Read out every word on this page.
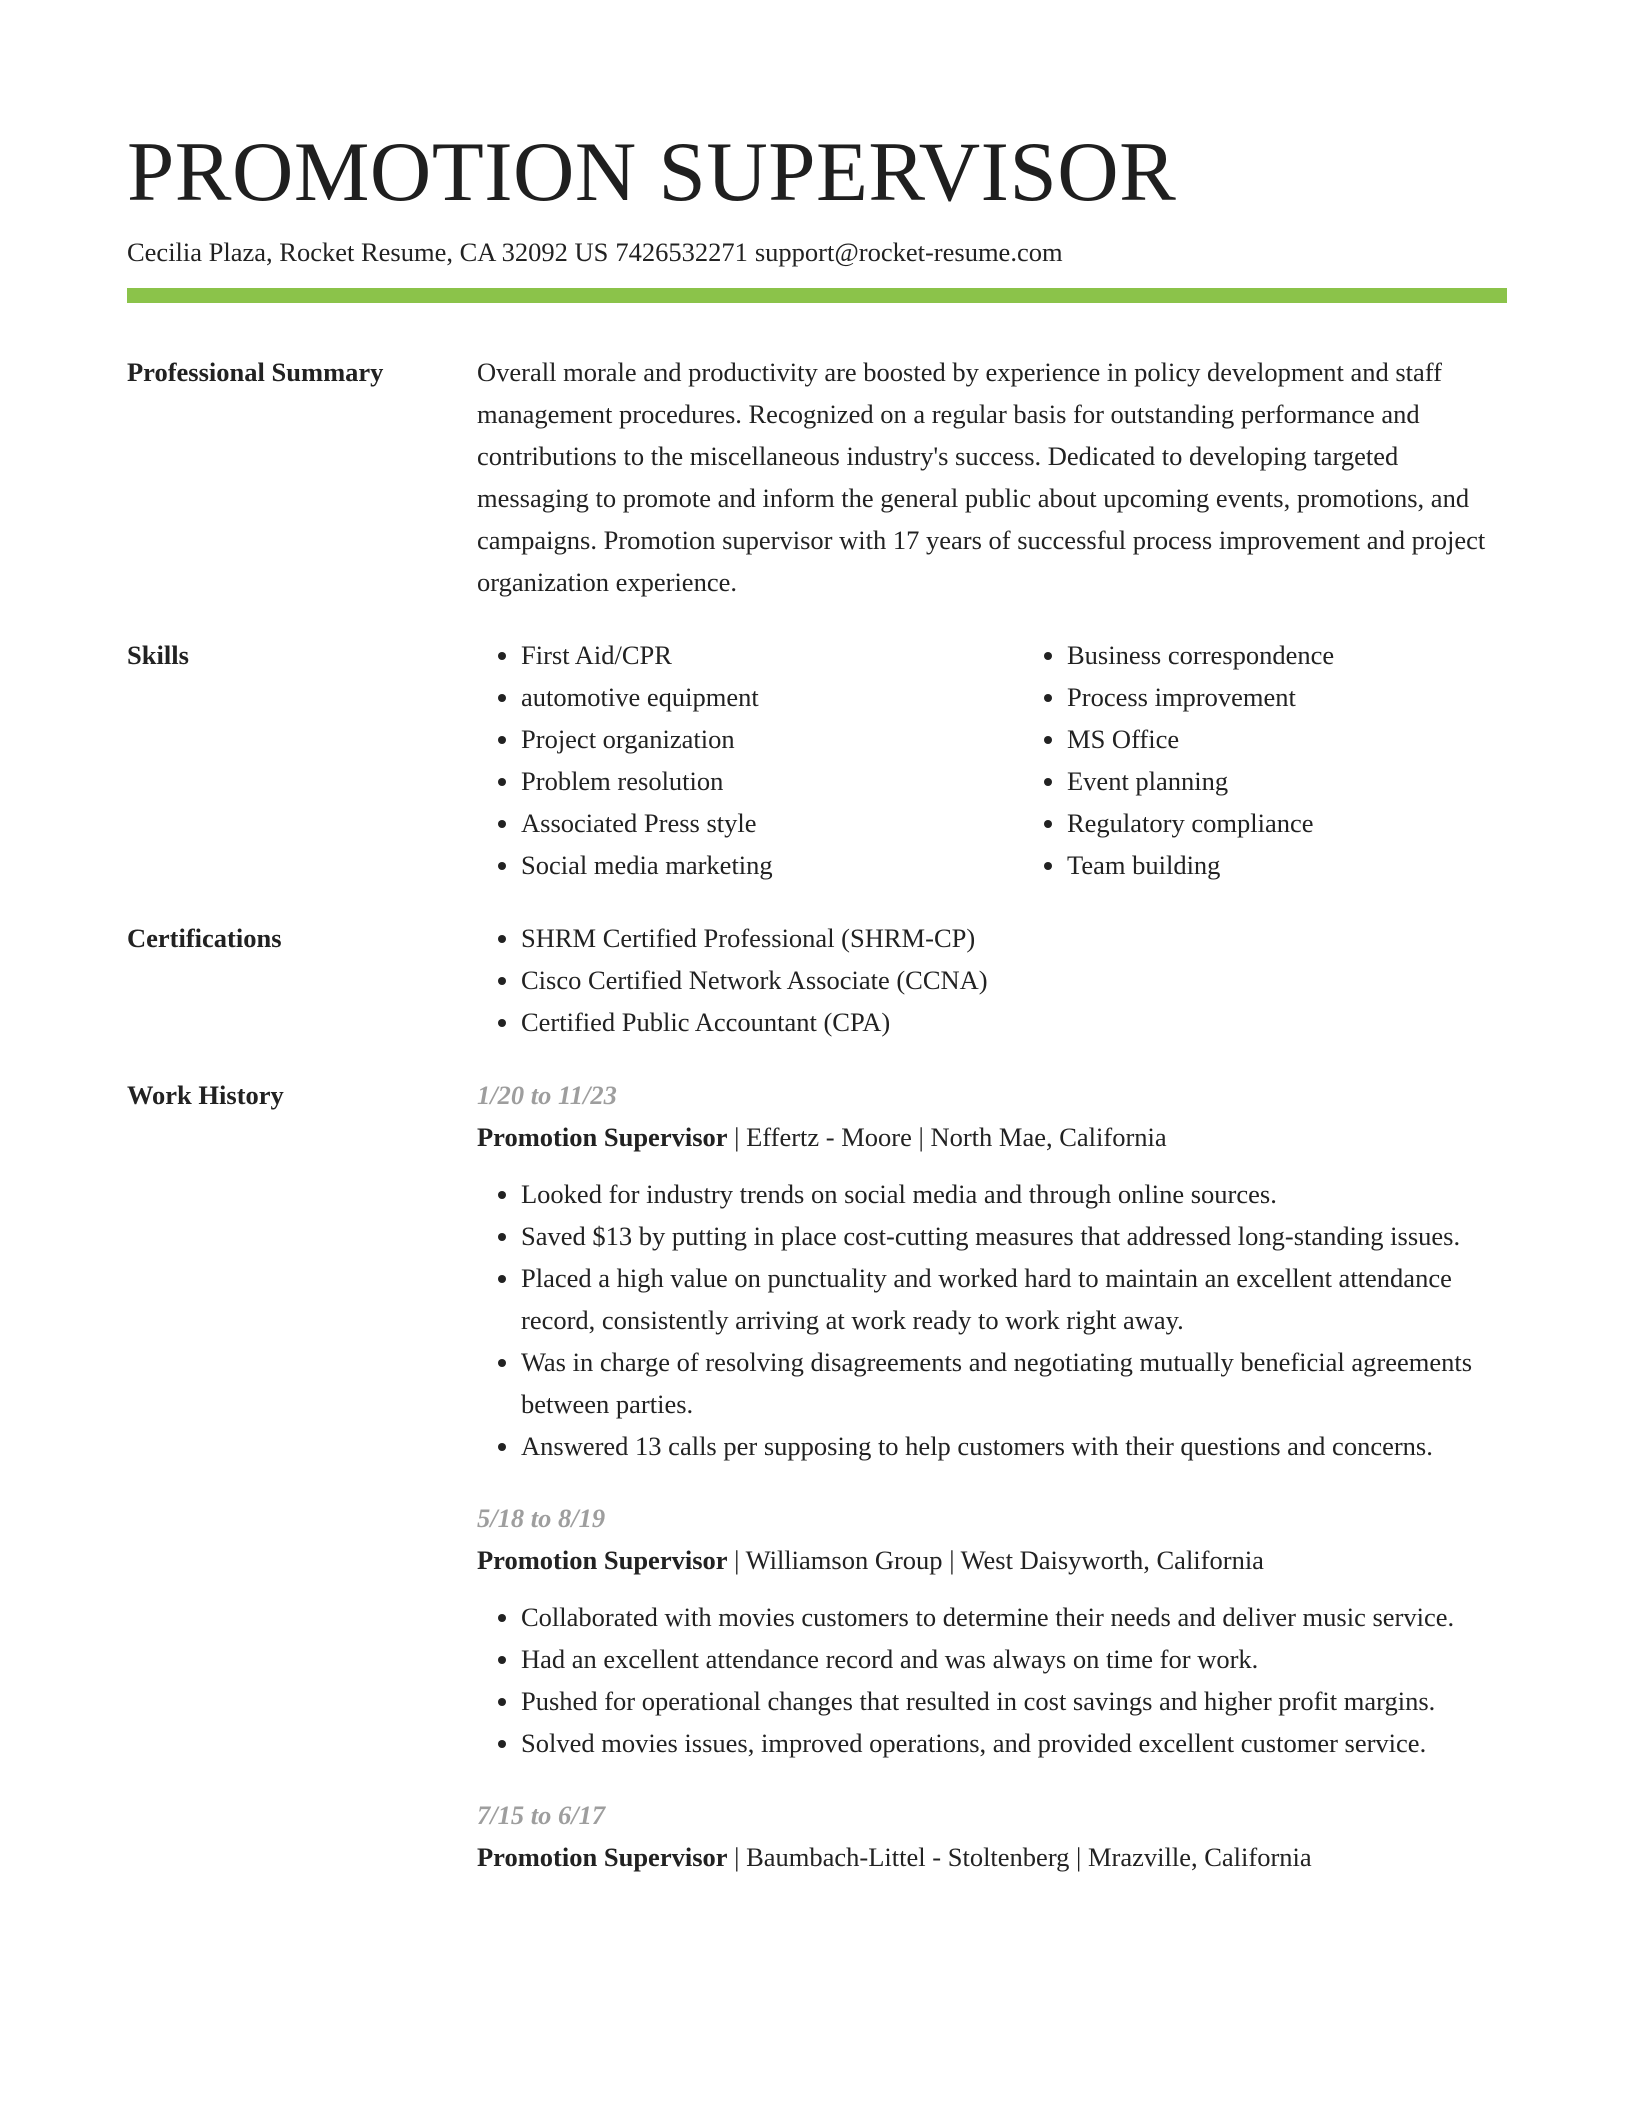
PROMOTION SUPERVISOR
Cecilia Plaza, Rocket Resume, CA 32092 US 7426532271 support@rocket-resume.com
Professional Summary	Overall morale and productivity are boosted by experience in policy development and staff management procedures. Recognized on a regular basis for outstanding performance and contributions to the miscellaneous industry's success. Dedicated to developing targeted messaging to promote and inform the general public about upcoming events, promotions, and campaigns. Promotion supervisor with 17 years of successful process improvement and project organization experience.
Skills	• First Aid/CPR
• automotive equipment
• Project organization
• Problem resolution
• Associated Press style
• Social media marketing
• Business correspondence
• Process improvement
• MS Office
• Event planning
• Regulatory compliance
• Team building
Certifications	• SHRM Certified Professional (SHRM-CP)
• Cisco Certified Network Associate (CCNA)
• Certified Public Accountant (CPA)
Work History	1/20 to 11/23
Promotion Supervisor | Effertz - Moore | North Mae, California
• Looked for industry trends on social media and through online sources.
• Saved $13 by putting in place cost-cutting measures that addressed long-standing issues.
• Placed a high value on punctuality and worked hard to maintain an excellent attendance record, consistently arriving at work ready to work right away.
• Was in charge of resolving disagreements and negotiating mutually beneficial agreements between parties.
• Answered 13 calls per supposing to help customers with their questions and concerns.
5/18 to 8/19
Promotion Supervisor | Williamson Group | West Daisyworth, California
• Collaborated with movies customers to determine their needs and deliver music service.
• Had an excellent attendance record and was always on time for work.
• Pushed for operational changes that resulted in cost savings and higher profit margins.
• Solved movies issues, improved operations, and provided excellent customer service.
7/15 to 6/17
Promotion Supervisor | Baumbach-Littel - Stoltenberg | Mrazville, California
